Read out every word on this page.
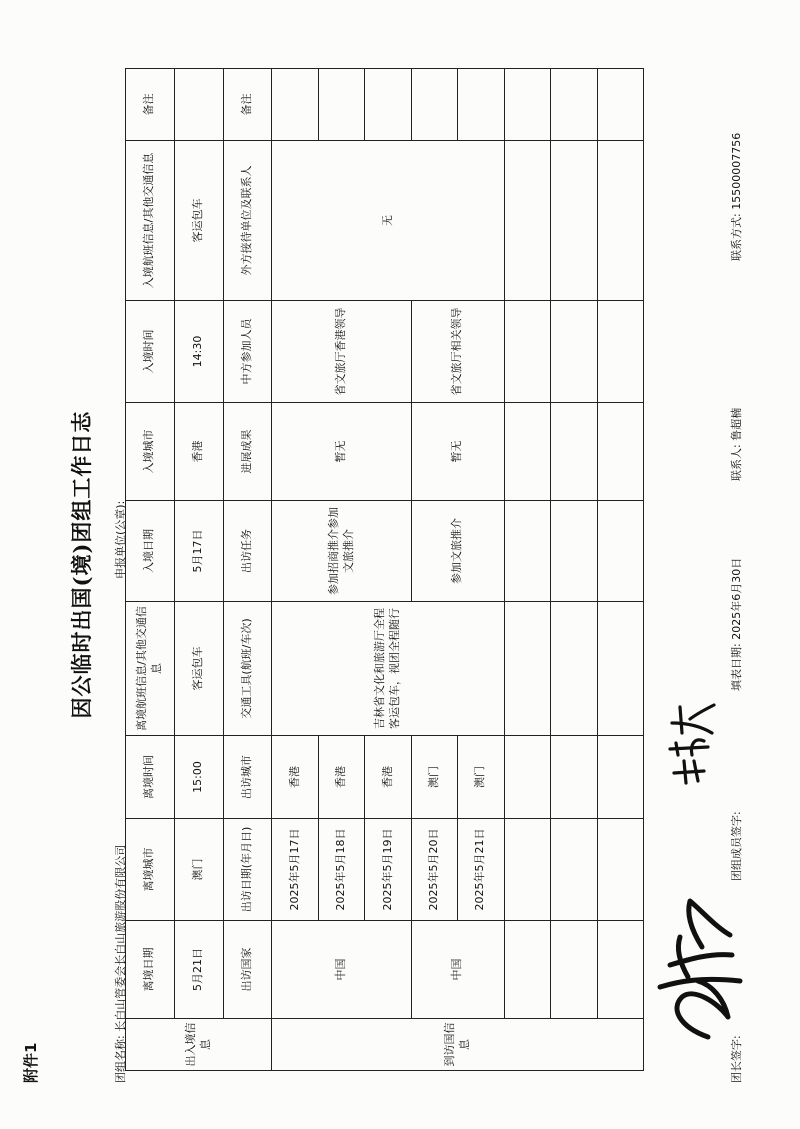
附件1
因公临时出国(境)团组工作日志
团组名称: 长白山管委会长白山旅游股份有限公司
申报单位(公章):
出入境信息	离境日期	离境城市	离境时间	离境航班信息/其他交通信息	入境日期	入境城市	入境时间	入境航班信息/其他交通信息	备注
	5月21日	澳门	15:00	客运包车	5月17日	香港	14:30	客运包车	
	出访国家	出访日期(年月日)	出访城市	交通工具(航班/车次)	出访任务	进展成果	中方参加人员	外方接待单位及联系人	备注
到访国信息	中国	2025年5月17日	香港	吉林省文化和旅游厅全程客运包车，视团全程随行	参加招商推介参加文旅推介	暂无	省文旅厅香港领导	无	
		2025年5月18日	香港						
		2025年5月19日	香港						
	中国	2025年5月20日	澳门		参加文旅推介	暂无	省文旅厅相关领导		
		2025年5月21日	澳门						

团长签字:
团组成员签字:
填表日期: 2025年6月30日
联系人: 鲁超楠
联系方式: 15500007756
